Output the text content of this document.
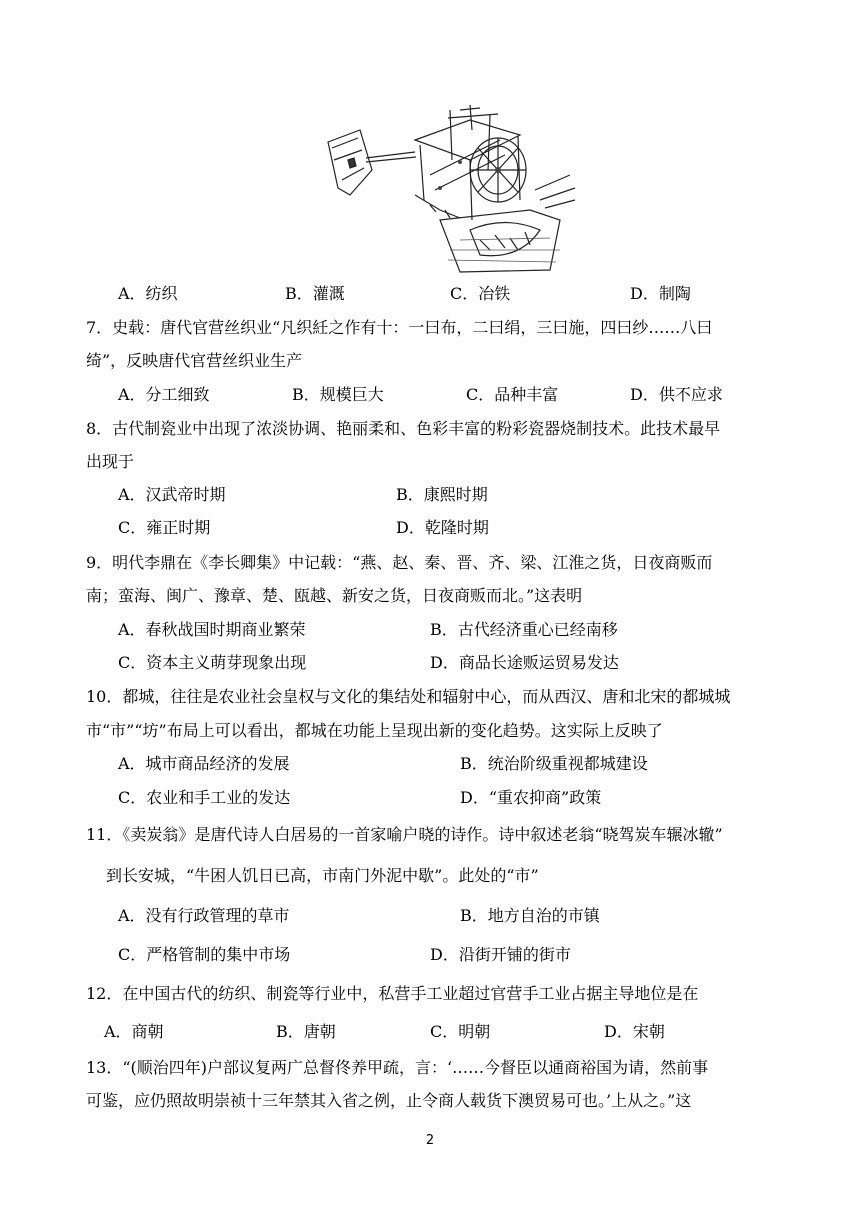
A．纺织	B．灌溉	C．冶铁	D．制陶
7．史载：唐代官营丝织业“凡织紝之作有十：一曰布，二曰绢，三曰施，四曰纱……八曰
绮”，反映唐代官营丝织业生产
A．分工细致	B．规模巨大	C．品种丰富	D．供不应求
8．古代制瓷业中出现了浓淡协调、艳丽柔和、色彩丰富的粉彩瓷器烧制技术。此技术最早
出现于
A．汉武帝时期	B．康熙时期
C．雍正时期	D．乾隆时期
9．明代李鼎在《李长卿集》中记载：“燕、赵、秦、晋、齐、梁、江淮之货，日夜商贩而
南；蛮海、闽广、豫章、楚、瓯越、新安之货，日夜商贩而北。”这表明
A．春秋战国时期商业繁荣	B．古代经济重心已经南移
C．资本主义萌芽现象出现	D．商品长途贩运贸易发达
10．都城，往往是农业社会皇权与文化的集结处和辐射中心，而从西汉、唐和北宋的都城城
市“市”“坊”布局上可以看出，都城在功能上呈现出新的变化趋势。这实际上反映了
A．城市商品经济的发展	B．统治阶级重视都城建设
C．农业和手工业的发达	D．“重农抑商”政策
11．《卖炭翁》是唐代诗人白居易的一首家喻户晓的诗作。诗中叙述老翁“晓驾炭车辗冰辙”
到长安城，“牛困人饥日已高，市南门外泥中歇”。此处的“市”
A．没有行政管理的草市	B．地方自治的市镇
C．严格管制的集中市场	D．沿街开铺的街市
12．在中国古代的纺织、制瓷等行业中，私营手工业超过官营手工业占据主导地位是在
A．商朝	B．唐朝	C．明朝	D．宋朝
13．“(顺治四年)户部议复两广总督佟养甲疏，言：‘……今督臣以通商裕国为请，然前事
可鉴，应仍照故明崇祯十三年禁其入省之例，止令商人载货下澳贸易可也。’上从之。”这
2
